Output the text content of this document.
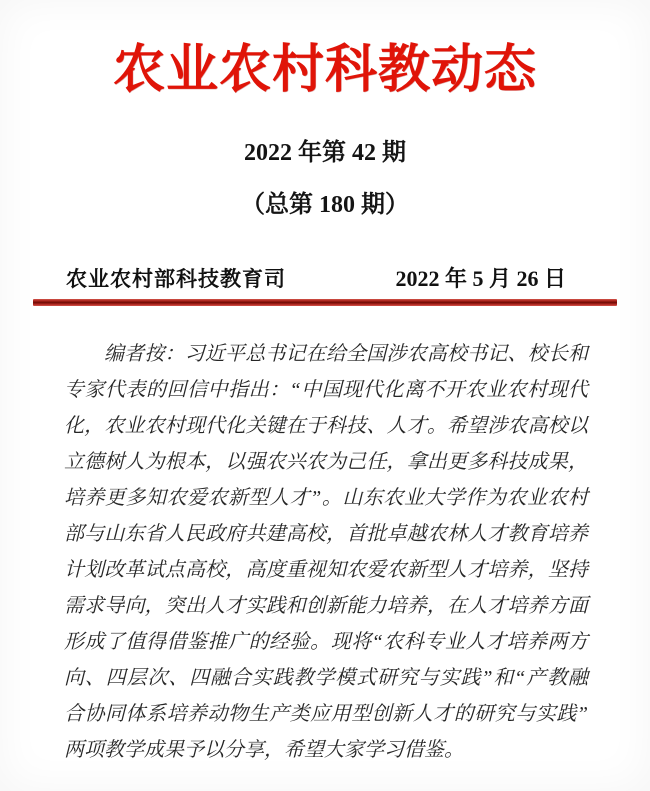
农业农村科教动态
2022 年第 42 期
（总第 180 期）
农业农村部科技教育司	2022 年 5 月 26 日
编者按：习近平总书记在给全国涉农高校书记、校长和
专家代表的回信中指出：“中国现代化离不开农业农村现代
化，农业农村现代化关键在于科技、人才。希望涉农高校以
立德树人为根本，以强农兴农为己任，拿出更多科技成果，
培养更多知农爱农新型人才”。山东农业大学作为农业农村
部与山东省人民政府共建高校，首批卓越农林人才教育培养
计划改革试点高校，高度重视知农爱农新型人才培养，坚持
需求导向，突出人才实践和创新能力培养，在人才培养方面
形成了值得借鉴推广的经验。现将“农科专业人才培养两方
向、四层次、四融合实践教学模式研究与实践”和“产教融
合协同体系培养动物生产类应用型创新人才的研究与实践”
两项教学成果予以分享，希望大家学习借鉴。
